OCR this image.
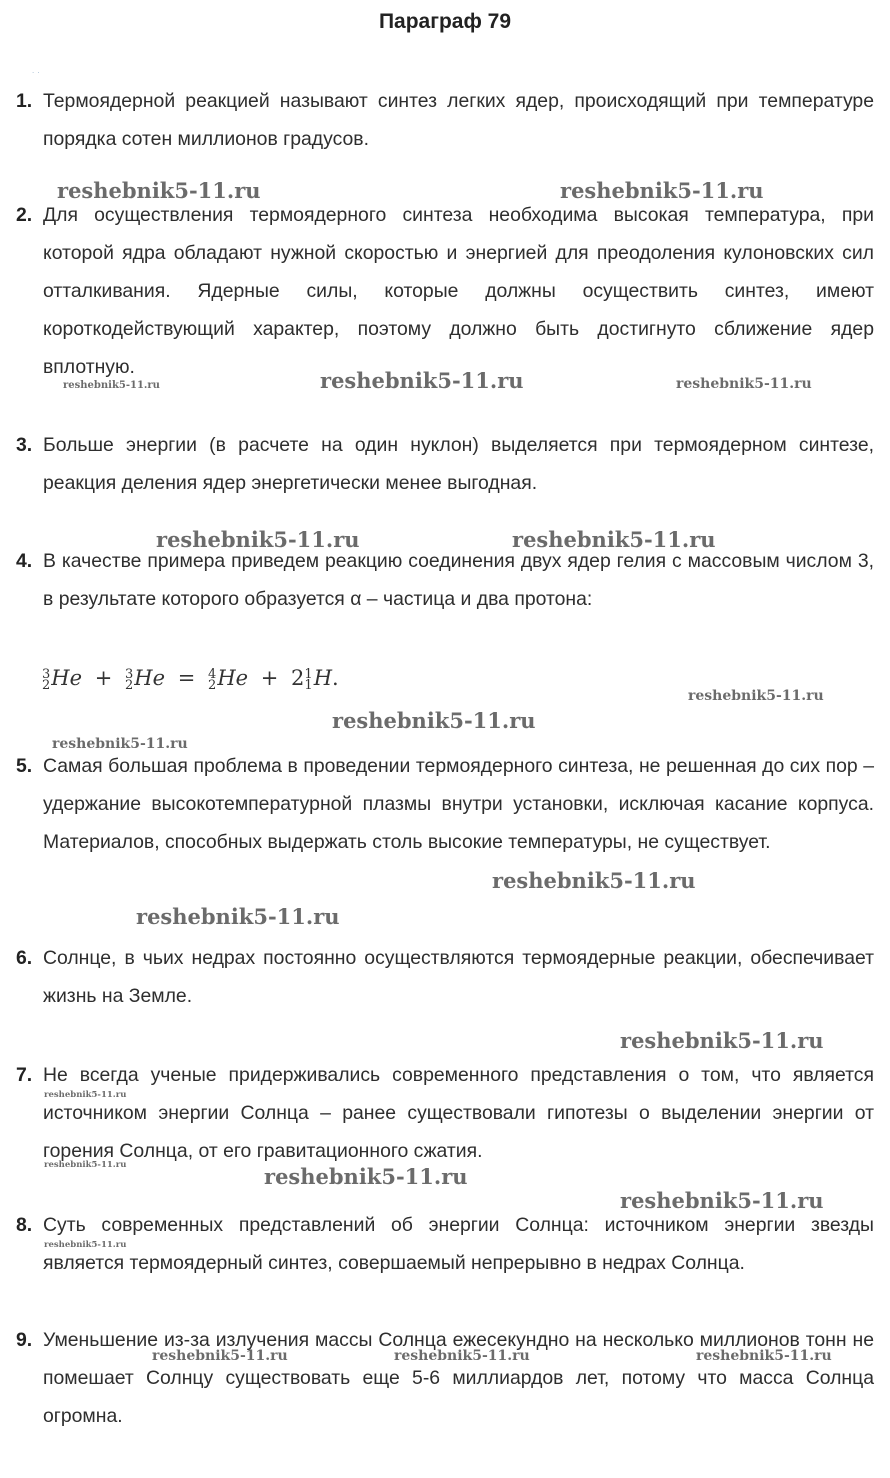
Параграф 79
..
1. Термоядерной реакцией называют синтез легких ядер, происходящий при температуре порядка сотен миллионов градусов.
2. Для осуществления термоядерного синтеза необходима высокая температура, при которой ядра обладают нужной скоростью и энергией для преодоления кулоновских сил отталкивания. Ядерные силы, которые должны осуществить синтез, имеют короткодействующий характер, поэтому должно быть достигнуто сближение ядер вплотную.
3. Больше энергии (в расчете на один нуклон) выделяется при термоядерном синтезе, реакция деления ядер энергетически менее выгодная.
4. В качестве примера приведем реакцию соединения двух ядер гелия с массовым числом 3, в результате которого образуется α – частица и два протона:
3
2 He + 3
2 He = 4
2 He + 2 1
1 H.
5. Самая большая проблема в проведении термоядерного синтеза, не решенная до сих пор – удержание высокотемпературной плазмы внутри установки, исключая касание корпуса. Материалов, способных выдержать столь высокие температуры, не существует.
6. Солнце, в чьих недрах постоянно осуществляются термоядерные реакции, обеспечивает жизнь на Земле.
7. Не всегда ученые придерживались современного представления о том, что является источником энергии Солнца – ранее существовали гипотезы о выделении энергии от горения Солнца, от его гравитационного сжатия.
8. Суть современных представлений об энергии Солнца: источником энергии звезды является термоядерный синтез, совершаемый непрерывно в недрах Солнца.
9. Уменьшение из-за излучения массы Солнца ежесекундно на несколько миллионов тонн не помешает Солнцу существовать еще 5-6 миллиардов лет, потому что масса Солнца огромна.
reshebnik5-11.ru	reshebnik5-11.ru
reshebnik5-11.ru
reshebnik5-11.ru	reshebnik5-11.ru
reshebnik5-11.ru	reshebnik5-11.ru
reshebnik5-11.ru
reshebnik5-11.ru
reshebnik5-11.ru
reshebnik5-11.ru
reshebnik5-11.ru
reshebnik5-11.ru
reshebnik5-11.ru
reshebnik5-11.ru	reshebnik5-11.ru
reshebnik5-11.ru
reshebnik5-11.ru
reshebnik5-11.ru	reshebnik5-11.ru	reshebnik5-11.ru
